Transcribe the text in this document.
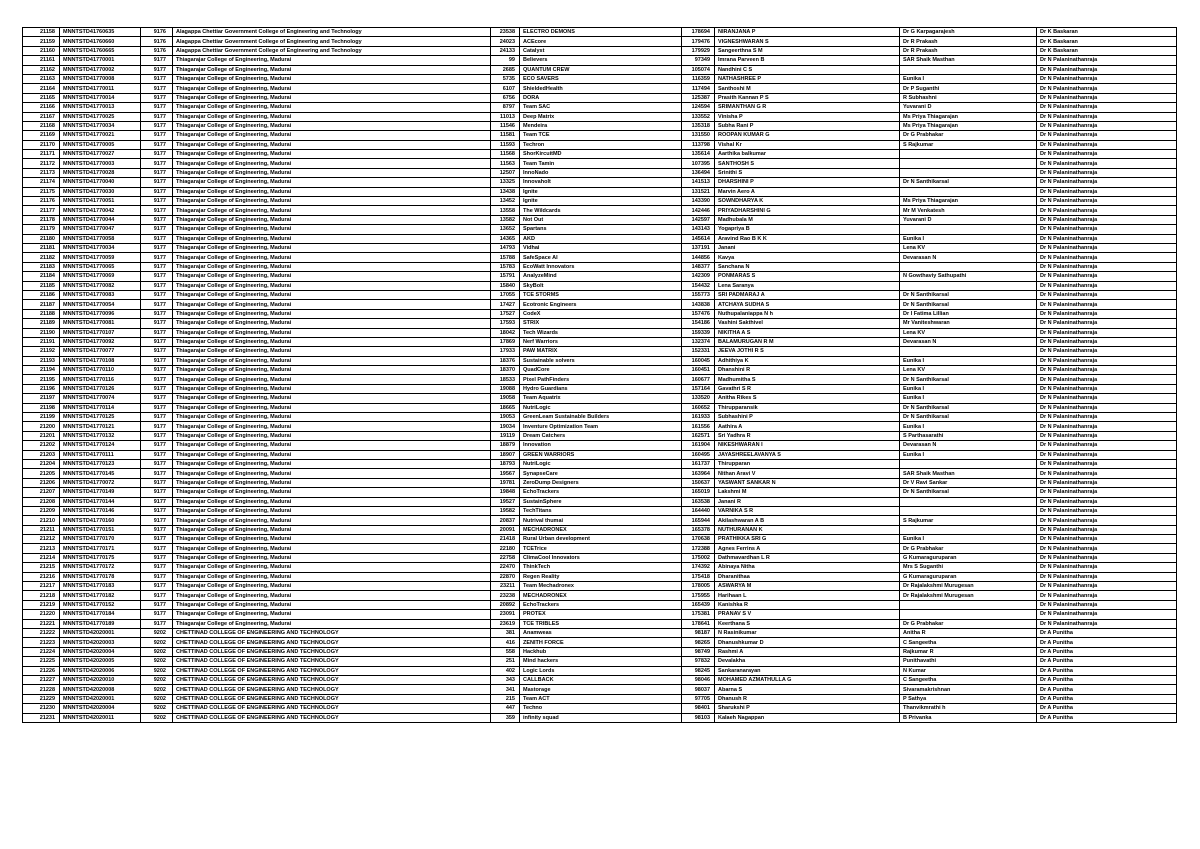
21158	MNNTSTD41760635	9176	Alagappa Chettiar Government College of Engineering and Technology	23538	ELECTRO DEMONS	178694	NIRANJANA P	Dr G Karpagarajesh	Dr K Baskaran
21159	MNNTSTD41760660	9176	Alagappa Chettiar Government College of Engineering and Technology	24023	ACEcore	179476	VIGNESHWARAN S	Dr R Prakash	Dr K Baskaran
21160	MNNTSTD41760665	9176	Alagappa Chettiar Government College of Engineering and Technology	24133	Catalyst	179929	Sangeerthna S M	Dr R Prakash	Dr K Baskaran
21161	MNNTSTD41770001	9177	Thiagarajar College of Engineering, Madurai	99	Believers	97349	Imrana Parveen B	SAR Shaik Masthan	Dr N Palaninathanraja
21162	MNNTSTD41770002	9177	Thiagarajar College of Engineering, Madurai	2685	QUANTUM CREW	105074	Nandhini C S		Dr N Palaninathanraja
21163	MNNTSTD41770008	9177	Thiagarajar College of Engineering, Madurai	5735	ECO SAVERS	116359	NATHASHREE P	Eunika I	Dr N Palaninathanraja
21164	MNNTSTD41770011	9177	Thiagarajar College of Engineering, Madurai	6107	ShieldedHealth	117494	Santhoshi M	Dr P Suganthi	Dr N Palaninathanraja
21165	MNNTSTD41770014	9177	Thiagarajar College of Engineering, Madurai	6756	DORA	125387	Prasith Kannan P S	R Subhashni	Dr N Palaninathanraja
21166	MNNTSTD41770013	9177	Thiagarajar College of Engineering, Madurai	8797	Team SAC	124594	SRIMANTHAN G R	Yuvarani D	Dr N Palaninathanraja
21167	MNNTSTD41770025	9177	Thiagarajar College of Engineering, Madurai	11013	Deep Matrix	133552	Vinisha P	Ms Priya Thiagarajan	Dr N Palaninathanraja
21168	MNNTSTD41770034	9177	Thiagarajar College of Engineering, Madurai	11546	Mendeira	135318	Subha Rani P	Ms Priya Thiagarajan	Dr N Palaninathanraja
21169	MNNTSTD41770021	9177	Thiagarajar College of Engineering, Madurai	11581	Team TCE	131550	ROOPAN KUMAR G	Dr G Prabhakar	Dr N Palaninathanraja
21170	MNNTSTD41770005	9177	Thiagarajar College of Engineering, Madurai	11593	Techron	113798	Vishal Kr	S Rajkumar	Dr N Palaninathanraja
21171	MNNTSTD41770027	9177	Thiagarajar College of Engineering, Madurai	11568	ShorKircuitMD	135614	Aarthika balkumar		Dr N Palaninathanraja
21172	MNNTSTD41770003	9177	Thiagarajar College of Engineering, Madurai	11563	Team Tamin	107395	SANTHOSH S		Dr N Palaninathanraja
21173	MNNTSTD41770028	9177	Thiagarajar College of Engineering, Madurai	12507	InnoNado	136494	Srinithi S		Dr N Palaninathanraja
21174	MNNTSTD41770040	9177	Thiagarajar College of Engineering, Madurai	13325	Innovaholt	141513	DHARSHINI P	Dr N Santhikarsal	Dr N Palaninathanraja
21175	MNNTSTD41770030	9177	Thiagarajar College of Engineering, Madurai	13438	Ignite	131521	Marvin Aero A		Dr N Palaninathanraja
21176	MNNTSTD41770051	9177	Thiagarajar College of Engineering, Madurai	13452	Ignite	143390	SOWNDHARYA K	Ms Priya Thiagarajan	Dr N Palaninathanraja
21177	MNNTSTD41770042	9177	Thiagarajar College of Engineering, Madurai	13558	The Wildcards	142446	PRIYADHARSHINI G	Mr M Venkatesh	Dr N Palaninathanraja
21178	MNNTSTD41770044	9177	Thiagarajar College of Engineering, Madurai	13582	Not Out	142597	Madhubala M	Yuvarani D	Dr N Palaninathanraja
21179	MNNTSTD41770047	9177	Thiagarajar College of Engineering, Madurai	13652	Spartans	143143	Yogapriya B		Dr N Palaninathanraja
21180	MNNTSTD41770058	9177	Thiagarajar College of Engineering, Madurai	14365	AKD	145614	Aravind Rao B K K	Eunika I	Dr N Palaninathanraja
21181	MNNTSTD41770034	9177	Thiagarajar College of Engineering, Madurai	14793	Vidhai	137191	Janani	Lena KV	Dr N Palaninathanraja
21182	MNNTSTD41770059	9177	Thiagarajar College of Engineering, Madurai	15788	SafeSpace AI	144856	Kavya	Devarasan N	Dr N Palaninathanraja
21183	MNNTSTD41770065	9177	Thiagarajar College of Engineering, Madurai	15783	EcoWatt Innovators	148377	Sanchana N		Dr N Palaninathanraja
21184	MNNTSTD41770069	9177	Thiagarajar College of Engineering, Madurai	15791	AnalyzeMind	142309	PONMARAS S	N Gowthaviy Sathupathi	Dr N Palaninathanraja
21185	MNNTSTD41770082	9177	Thiagarajar College of Engineering, Madurai	15840	SkyBolt	154432	Lena Saranya		Dr N Palaninathanraja
21186	MNNTSTD41770083	9177	Thiagarajar College of Engineering, Madurai	17055	TCE STORMS	155773	SRI PADMARAJ A	Dr N Santhikarsal	Dr N Palaninathanraja
21187	MNNTSTD41770054	9177	Thiagarajar College of Engineering, Madurai	17427	Ecotronic Engineers	143838	ATCHAYA SUDHA S	Dr N Santhikarsal	Dr N Palaninathanraja
21188	MNNTSTD41770096	9177	Thiagarajar College of Engineering, Madurai	17527	CodeX	157476	Nuthupalaniappa N h	Dr I Fatima Lillian	Dr N Palaninathanraja
21189	MNNTSTD41770081	9177	Thiagarajar College of Engineering, Madurai	17593	STRIX	154186	Vashini Sakthivel	Mr Vaniteshwaran	Dr N Palaninathanraja
21190	MNNTSTD41770107	9177	Thiagarajar College of Engineering, Madurai	18042	Tech Wizards	159339	NIKITHA A S	Lena KV	Dr N Palaninathanraja
21191	MNNTSTD41770092	9177	Thiagarajar College of Engineering, Madurai	17869	Nerf Warriors	132374	BALAMURUGAN R M	Devarasan N	Dr N Palaninathanraja
21192	MNNTSTD41770077	9177	Thiagarajar College of Engineering, Madurai	17933	PAW MATRIX	152331	JEEVA JOTHI R S		Dr N Palaninathanraja
21193	MNNTSTD41770108	9177	Thiagarajar College of Engineering, Madurai	18376	Sustainable solvers	160045	Adhithiya K	Eunika I	Dr N Palaninathanraja
21194	MNNTSTD41770110	9177	Thiagarajar College of Engineering, Madurai	18370	QuadCore	160451	Dhanshini R	Lena KV	Dr N Palaninathanraja
21195	MNNTSTD41770116	9177	Thiagarajar College of Engineering, Madurai	18533	Pixel PathFinders	160677	Madhumitha S	Dr N Santhikarsal	Dr N Palaninathanraja
21196	MNNTSTD41770126	9177	Thiagarajar College of Engineering, Madurai	19088	Hydro Guardians	157164	Gavathri S R	Eunika I	Dr N Palaninathanraja
21197	MNNTSTD41770074	9177	Thiagarajar College of Engineering, Madurai	19058	Team Aquatrix	133520	Anitha Rikes S	Eunika I	Dr N Palaninathanraja
21198	MNNTSTD41770114	9177	Thiagarajar College of Engineering, Madurai	18665	NutriLogic	160652	Thirupparansik	Dr N Santhikarsal	Dr N Palaninathanraja
21199	MNNTSTD41770125	9177	Thiagarajar College of Engineering, Madurai	19053	GreenLeam Sustainable Builders	161933	Subhashini P	Dr N Santhikarsal	Dr N Palaninathanraja
21200	MNNTSTD41770121	9177	Thiagarajar College of Engineering, Madurai	19034	Inventure Optimization Team	161556	Aathira A	Eunika I	Dr N Palaninathanraja
21201	MNNTSTD41770132	9177	Thiagarajar College of Engineering, Madurai	19119	Dream Catchers	162571	Sri Yadhra R	S Parthasarathi	Dr N Palaninathanraja
21202	MNNTSTD41770124	9177	Thiagarajar College of Engineering, Madurai	18879	Innovation	161904	NIKESHWARAN I	Devarasan N	Dr N Palaninathanraja
21203	MNNTSTD41770111	9177	Thiagarajar College of Engineering, Madurai	18907	GREEN WARRIORS	160495	JAYASHREELAVANYA S	Eunika I	Dr N Palaninathanraja
21204	MNNTSTD41770123	9177	Thiagarajar College of Engineering, Madurai	18793	NutriLogic	161737	Thirupparan		Dr N Palaninathanraja
21205	MNNTSTD41770145	9177	Thiagarajar College of Engineering, Madurai	19567	SynapseCare	163964	Nithan Aravi V	SAR Shaik Masthan	Dr N Palaninathanraja
21206	MNNTSTD41770072	9177	Thiagarajar College of Engineering, Madurai	19781	ZeroDump Designers	150637	YASWANT SANKAR N	Dr V Ravi Sankar	Dr N Palaninathanraja
21207	MNNTSTD41770149	9177	Thiagarajar College of Engineering, Madurai	19848	EchoTrackers	165019	Lakshmi M	Dr N Santhikarsal	Dr N Palaninathanraja
21208	MNNTSTD41770144	9177	Thiagarajar College of Engineering, Madurai	19527	SustainSphere	163538	Janani R		Dr N Palaninathanraja
21209	MNNTSTD41770146	9177	Thiagarajar College of Engineering, Madurai	19582	TechTitans	164440	VARNIKA S R		Dr N Palaninathanraja
21210	MNNTSTD41770160	9177	Thiagarajar College of Engineering, Madurai	20837	Nutrival thumai	165944	Akilashwaran A B	S Rajkumar	Dr N Palaninathanraja
21211	MNNTSTD41770151	9177	Thiagarajar College of Engineering, Madurai	20091	MECHADRONEX	165378	NUTHURANAN K		Dr N Palaninathanraja
21212	MNNTSTD41770170	9177	Thiagarajar College of Engineering, Madurai	21418	Rural Urban development	170638	PRATHIKKA SRI G	Eunika I	Dr N Palaninathanraja
21213	MNNTSTD41770171	9177	Thiagarajar College of Engineering, Madurai	22180	TCETrice	172388	Agnes Ferrins A	Dr G Prabhakar	Dr N Palaninathanraja
21214	MNNTSTD41770175	9177	Thiagarajar College of Engineering, Madurai	22758	ClimaCool Innovators	175002	Dathmavardhan L R	G Kumaraguruparan	Dr N Palaninathanraja
21215	MNNTSTD41770172	9177	Thiagarajar College of Engineering, Madurai	22470	ThinkTech	174392	Abinaya Nitha	Mrs S Suganthi	Dr N Palaninathanraja
21216	MNNTSTD41770178	9177	Thiagarajar College of Engineering, Madurai	22870	Regen Reality	175418	Dharanithaa	G Kumaraguruparan	Dr N Palaninathanraja
21217	MNNTSTD41770183	9177	Thiagarajar College of Engineering, Madurai	23211	Team Mechadronex	178005	ASWARYA M	Dr Rajalakshmi Murugesan	Dr N Palaninathanraja
21218	MNNTSTD41770182	9177	Thiagarajar College of Engineering, Madurai	23238	MECHADRONEX	175955	Harihaan L	Dr Rajalakshmi Murugesan	Dr N Palaninathanraja
21219	MNNTSTD41770152	9177	Thiagarajar College of Engineering, Madurai	20892	EchoTrackers	165439	Kanishka R		Dr N Palaninathanraja
21220	MNNTSTD41770184	9177	Thiagarajar College of Engineering, Madurai	23091	PROTEX	175381	PRANAV S V		Dr N Palaninathanraja
21221	MNNTSTD41770189	9177	Thiagarajar College of Engineering, Madurai	23619	TCE TRIBLES	178641	Keerthana S	Dr G Prabhakar	Dr N Palaninathanraja
21222	MNNTSTD42020001	9202	CHETTINAD COLLEGE OF ENGINEERING AND TECHNOLOGY	381	Anamweas	98187	N Rasinikumar	Anitha R	Dr A Punitha
21223	MNNTSTD42020003	9202	CHETTINAD COLLEGE OF ENGINEERING AND TECHNOLOGY	416	ZENITH FORCE	98265	Dhanushkumar D	C Sangeetha	Dr A Punitha
21224	MNNTSTD42020004	9202	CHETTINAD COLLEGE OF ENGINEERING AND TECHNOLOGY	558	Hackhub	98749	Rashmi A	Rajkumar R	Dr A Punitha
21225	MNNTSTD42020005	9202	CHETTINAD COLLEGE OF ENGINEERING AND TECHNOLOGY	251	Mind hackers	97832	Devalakha	Punithavathi	Dr A Punitha
21226	MNNTSTD42020006	9202	CHETTINAD COLLEGE OF ENGINEERING AND TECHNOLOGY	402	Logic Lords	98245	Sankaranarayan	N Kumar	Dr A Punitha
21227	MNNTSTD42020010	9202	CHETTINAD COLLEGE OF ENGINEERING AND TECHNOLOGY	343	CALLBACK	98046	MOHAMED AZMATHULLA G	C Sangeetha	Dr A Punitha
21228	MNNTSTD42020008	9202	CHETTINAD COLLEGE OF ENGINEERING AND TECHNOLOGY	341	Mastorage	98037	Abarna S	Sivaramakrishnan	Dr A Punitha
21229	MNNTSTD42020001	9202	CHETTINAD COLLEGE OF ENGINEERING AND TECHNOLOGY	215	Team ACT	97705	Dhanush R	P Sathya	Dr A Punitha
21230	MNNTSTD42020004	9202	CHETTINAD COLLEGE OF ENGINEERING AND TECHNOLOGY	447	Techno	98401	Sharukshi P	Thanvikmrathi h	Dr A Punitha
21231	MNNTSTD42020011	9202	CHETTINAD COLLEGE OF ENGINEERING AND TECHNOLOGY	359	infinity squad	98103	Kalaeh Nagappan	B Privanka	Dr A Punitha
